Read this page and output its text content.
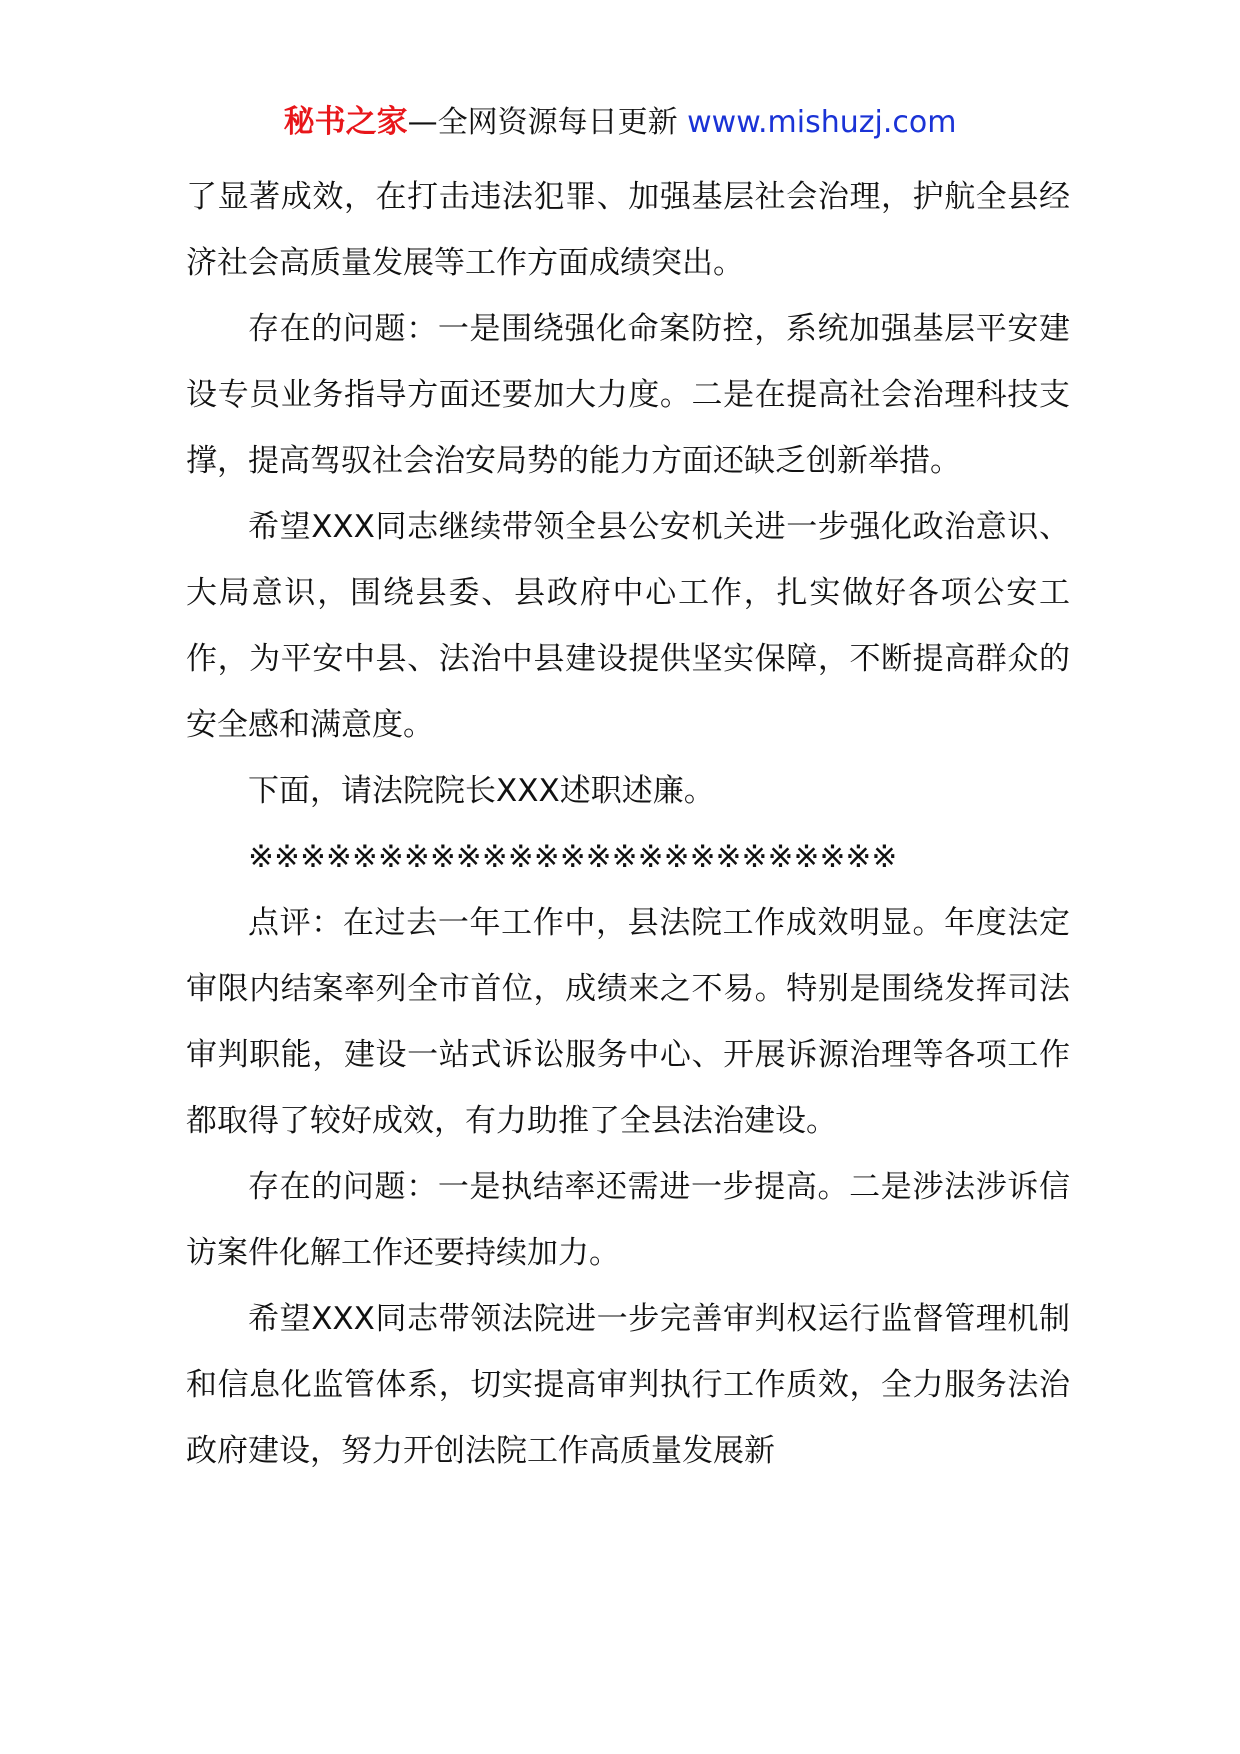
秘书之家—全网资源每日更新 www.mishuzj.com

了显著成效，在打击违法犯罪、加强基层社会治理，护航全县经济社会高质量发展等工作方面成绩突出。

存在的问题：一是围绕强化命案防控，系统加强基层平安建设专员业务指导方面还要加大力度。二是在提高社会治理科技支撑，提高驾驭社会治安局势的能力方面还缺乏创新举措。

希望XXX同志继续带领全县公安机关进一步强化政治意识、大局意识，围绕县委、县政府中心工作，扎实做好各项公安工作，为平安中县、法治中县建设提供坚实保障，不断提高群众的安全感和满意度。

下面，请法院院长XXX述职述廉。

※※※※※※※※※※※※※※※※※※※※※※※※※

点评：在过去一年工作中，县法院工作成效明显。年度法定审限内结案率列全市首位，成绩来之不易。特别是围绕发挥司法审判职能，建设一站式诉讼服务中心、开展诉源治理等各项工作都取得了较好成效，有力助推了全县法治建设。

存在的问题：一是执结率还需进一步提高。二是涉法涉诉信访案件化解工作还要持续加力。

希望XXX同志带领法院进一步完善审判权运行监督管理机制和信息化监管体系，切实提高审判执行工作质效，全力服务法治政府建设，努力开创法院工作高质量发展新
